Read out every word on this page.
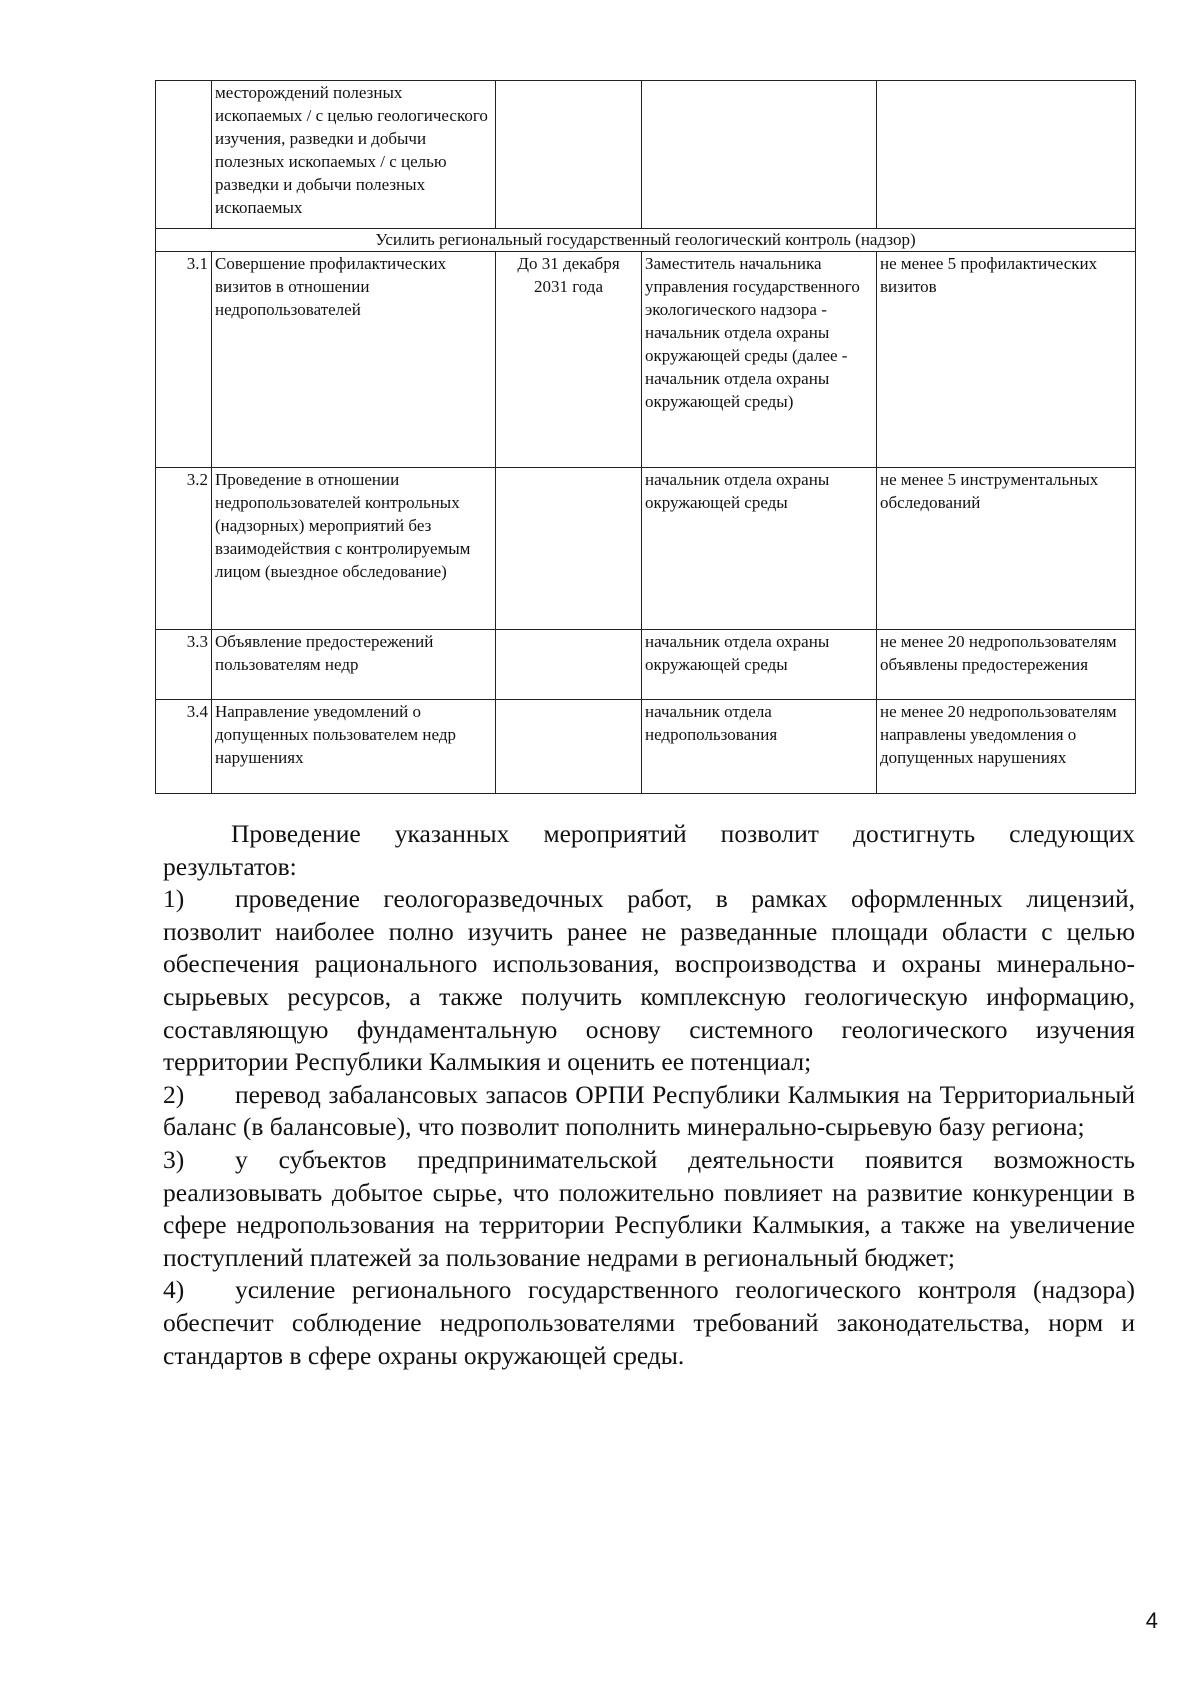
	месторождений полезных ископаемых / с целью геологического изучения, разведки и добычи полезных ископаемых / с целью разведки и добычи полезных ископаемых			
Усилить региональный государственный геологический контроль (надзор)				
3.1	Совершение профилактических визитов в отношении недропользователей	До 31 декабря 2031 года	Заместитель начальника управления государственного экологического надзора - начальник отдела охраны окружающей среды (далее - начальник отдела охраны окружающей среды)	не менее 5 профилактических визитов
3.2	Проведение в отношении недропользователей контрольных (надзорных) мероприятий без взаимодействия с контролируемым лицом (выездное обследование)		начальник отдела охраны окружающей среды	не менее 5 инструментальных обследований
3.3	Объявление предостережений пользователям недр		начальник отдела охраны окружающей среды	не менее 20 недропользователям объявлены предостережения
3.4	Направление уведомлений о допущенных пользователем недр нарушениях		начальник отдела недропользования	не менее 20 недропользователям направлены уведомления о допущенных нарушениях

Проведение указанных мероприятий позволит достигнуть следующих результатов:

1) проведение геологоразведочных работ, в рамках оформленных лицензий, позволит наиболее полно изучить ранее не разведанные площади области с целью обеспечения рационального использования, воспроизводства и охраны минерально-сырьевых ресурсов, а также получить комплексную геологическую информацию, составляющую фундаментальную основу системного геологического изучения территории Республики Калмыкия и оценить ее потенциал;

2) перевод забалансовых запасов ОРПИ Республики Калмыкия на Территориальный баланс (в балансовые), что позволит пополнить минерально-сырьевую базу региона;

3) у субъектов предпринимательской деятельности появится возможность реализовывать добытое сырье, что положительно повлияет на развитие конкуренции в сфере недропользования на территории Республики Калмыкия, а также на увеличение поступлений платежей за пользование недрами в региональный бюджет;

4) усиление регионального государственного геологического контроля (надзора) обеспечит соблюдение недропользователями требований законодательства, норм и стандартов в сфере охраны окружающей среды.

4
